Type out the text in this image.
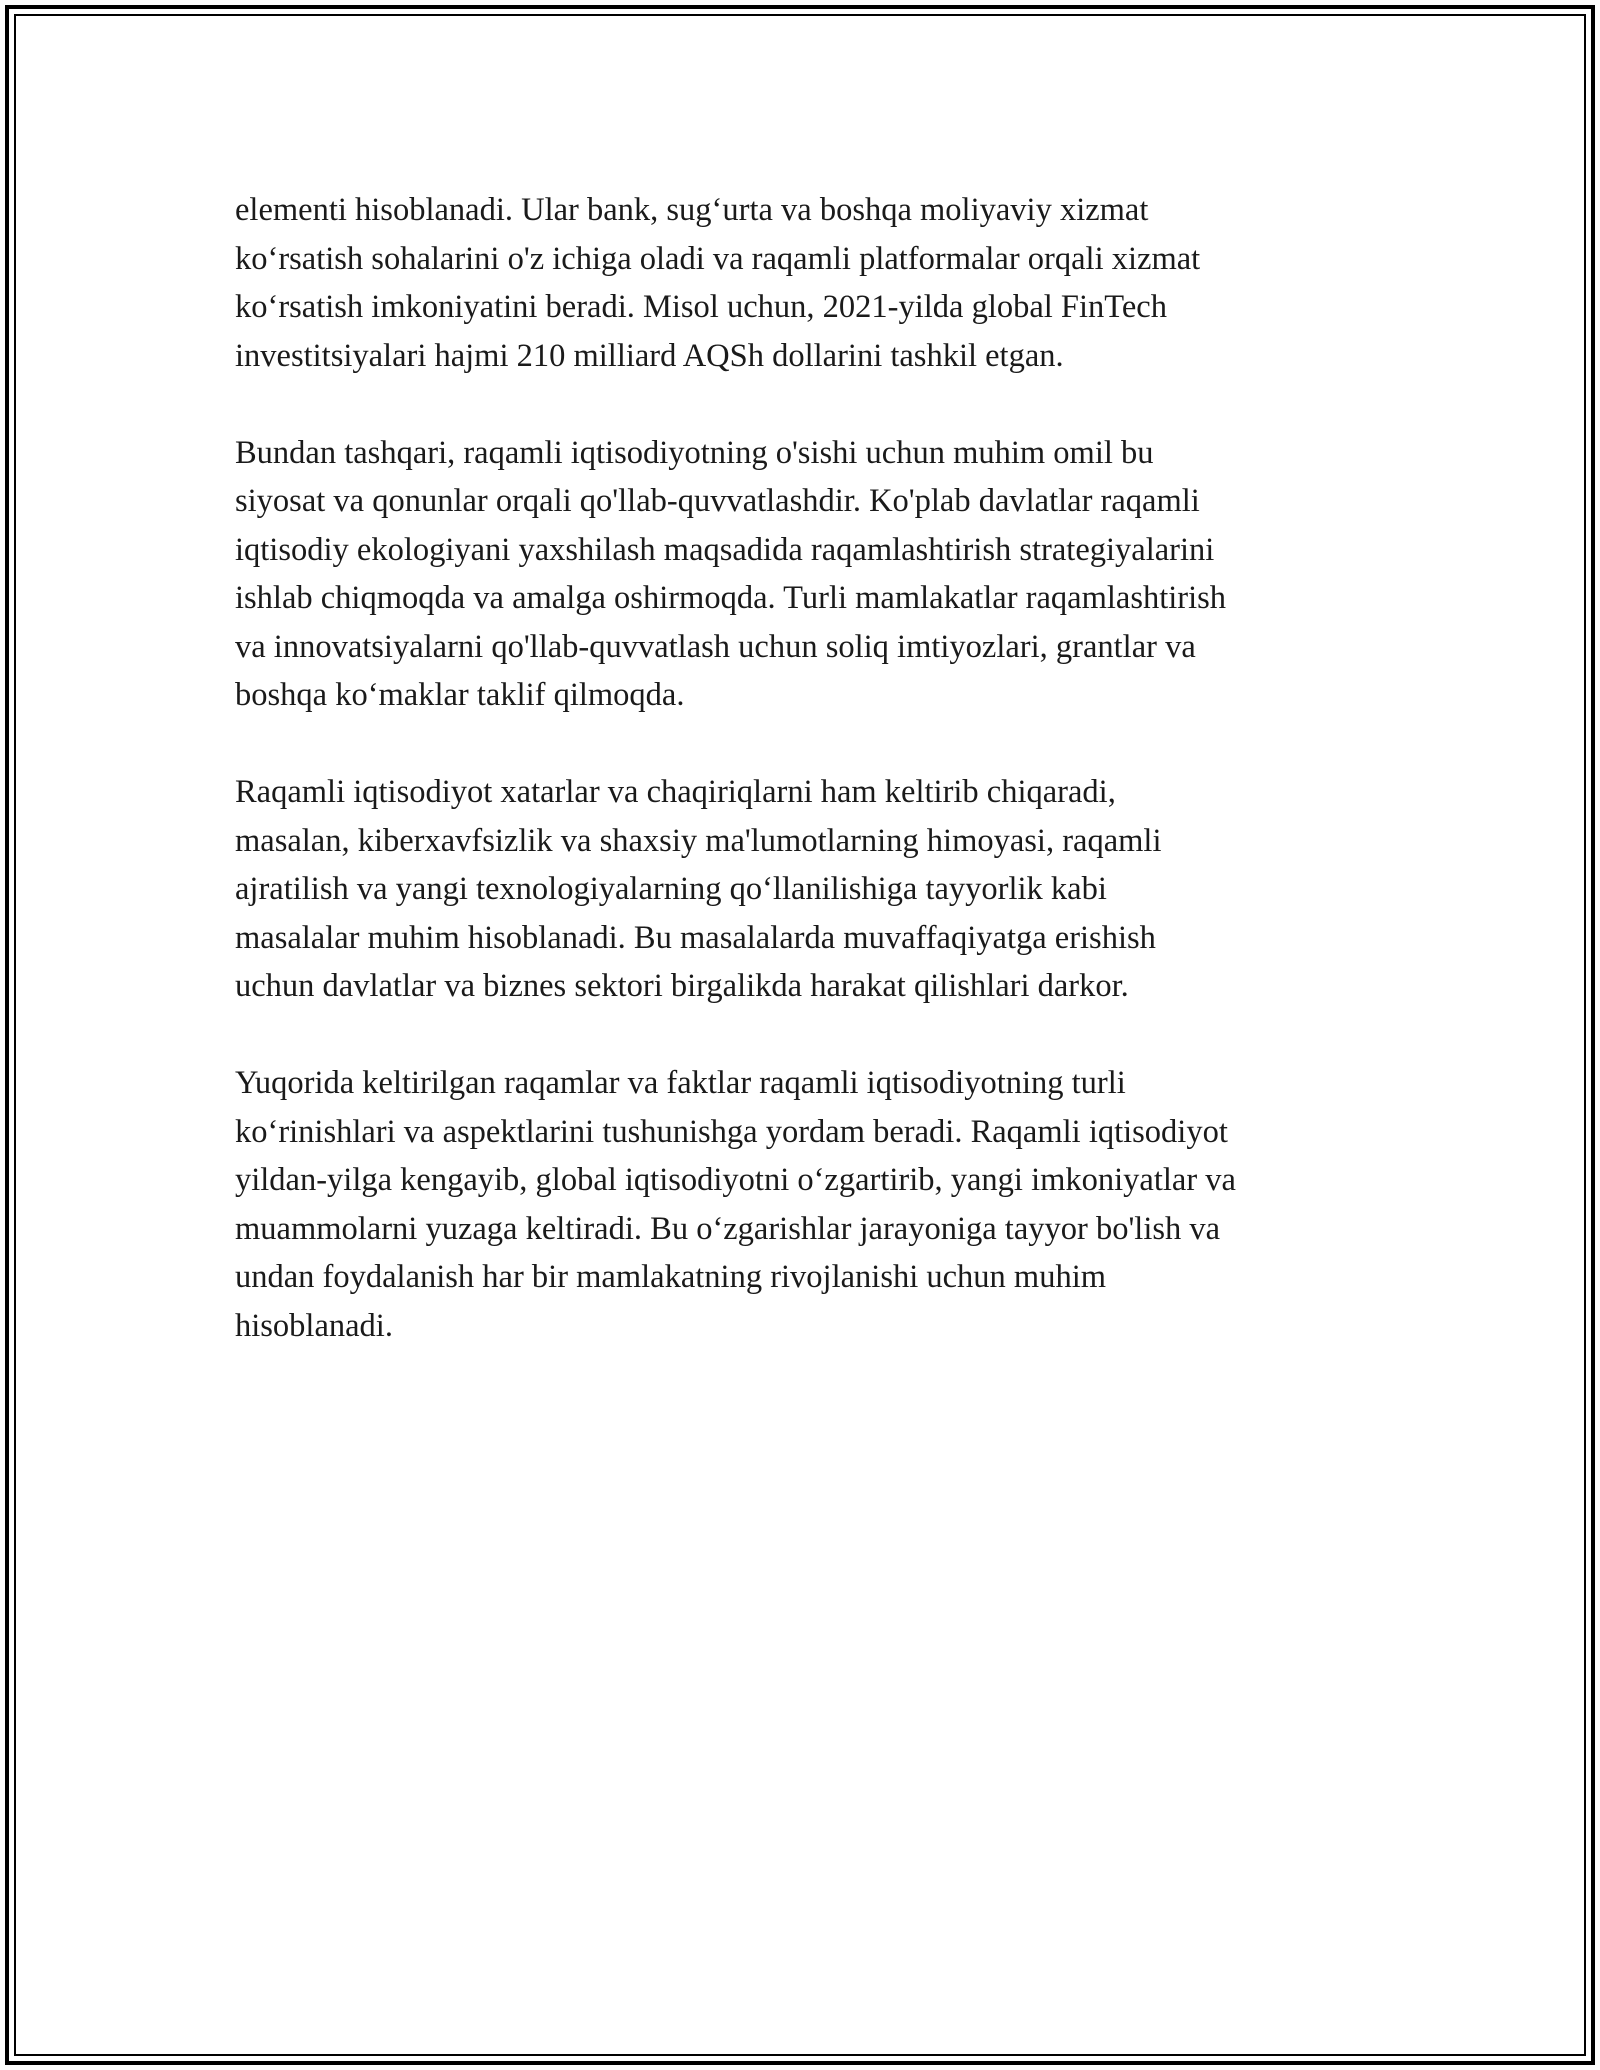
elementi hisoblanadi. Ular bank, sug‘urta va boshqa moliyaviy xizmat
ko‘rsatish sohalarini o'z ichiga oladi va raqamli platformalar orqali xizmat
ko‘rsatish imkoniyatini beradi. Misol uchun, 2021-yilda global FinTech
investitsiyalari hajmi 210 milliard AQSh dollarini tashkil etgan.

Bundan tashqari, raqamli iqtisodiyotning o'sishi uchun muhim omil bu
siyosat va qonunlar orqali qo'llab-quvvatlashdir. Ko'plab davlatlar raqamli
iqtisodiy ekologiyani yaxshilash maqsadida raqamlashtirish strategiyalarini
ishlab chiqmoqda va amalga oshirmoqda. Turli mamlakatlar raqamlashtirish
va innovatsiyalarni qo'llab-quvvatlash uchun soliq imtiyozlari, grantlar va
boshqa ko‘maklar taklif qilmoqda.

Raqamli iqtisodiyot xatarlar va chaqiriqlarni ham keltirib chiqaradi,
masalan, kiberxavfsizlik va shaxsiy ma'lumotlarning himoyasi, raqamli
ajratilish va yangi texnologiyalarning qo‘llanilishiga tayyorlik kabi
masalalar muhim hisoblanadi. Bu masalalarda muvaffaqiyatga erishish
uchun davlatlar va biznes sektori birgalikda harakat qilishlari darkor.

Yuqorida keltirilgan raqamlar va faktlar raqamli iqtisodiyotning turli
ko‘rinishlari va aspektlarini tushunishga yordam beradi. Raqamli iqtisodiyot
yildan-yilga kengayib, global iqtisodiyotni o‘zgartirib, yangi imkoniyatlar va
muammolarni yuzaga keltiradi. Bu o‘zgarishlar jarayoniga tayyor bo'lish va
undan foydalanish har bir mamlakatning rivojlanishi uchun muhim
hisoblanadi.
